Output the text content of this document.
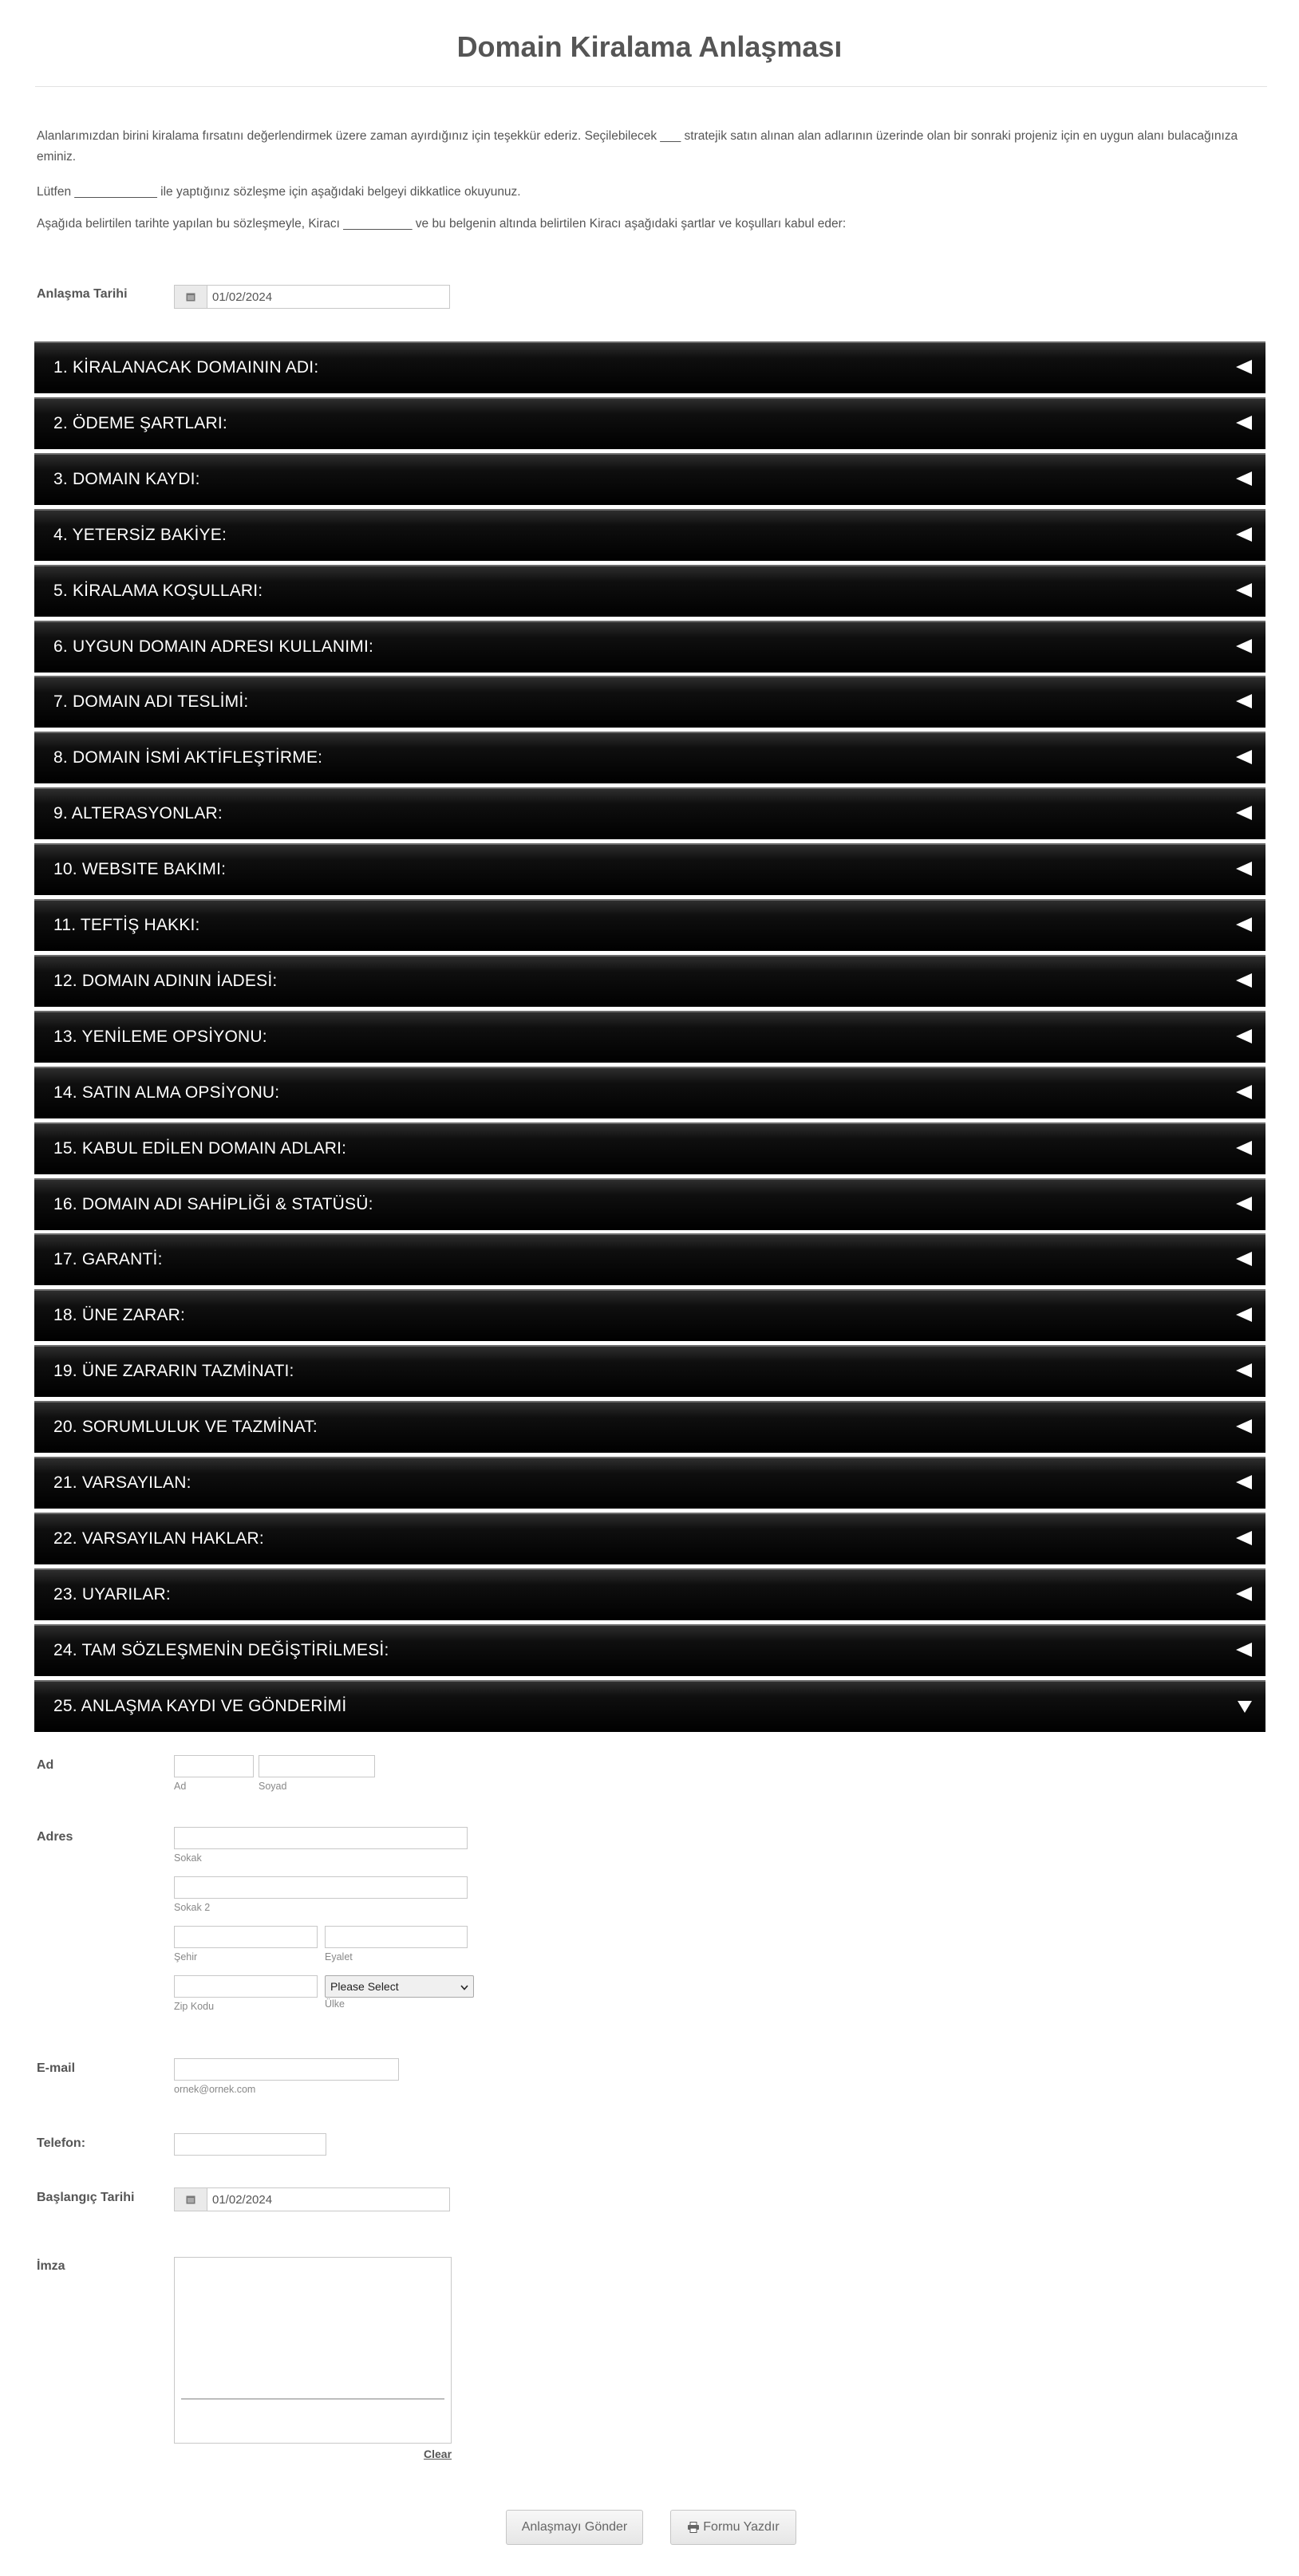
Domain Kiralama Anlaşması

Alanlarımızdan birini kiralama fırsatını değerlendirmek üzere zaman ayırdığınız için teşekkür ederiz. Seçilebilecek ___ stratejik satın alınan alan adlarının üzerinde olan bir sonraki projeniz için en uygun alanı bulacağınıza eminiz.

Lütfen ____________ ile yaptığınız sözleşme için aşağıdaki belgeyi dikkatlice okuyunuz.

Aşağıda belirtilen tarihte yapılan bu sözleşmeyle, Kiracı __________ ve bu belgenin altında belirtilen Kiracı aşağıdaki şartlar ve koşulları kabul eder:

Anlaşma Tarihi
01/02/2024
1. KİRALANACAK DOMAININ ADI:
2. ÖDEME ŞARTLARI:
3. DOMAIN KAYDI:
4. YETERSİZ BAKİYE:
5. KİRALAMA KOŞULLARI:
6. UYGUN DOMAIN ADRESI KULLANIMI:
7. DOMAIN ADI TESLİMİ:
8. DOMAIN İSMİ AKTİFLEŞTİRME:
9. ALTERASYONLAR:
10. WEBSITE BAKIMI:
11. TEFTİŞ HAKKI:
12. DOMAIN ADININ İADESİ:
13. YENİLEME OPSİYONU:
14. SATIN ALMA OPSİYONU:
15. KABUL EDİLEN DOMAIN ADLARI:
16. DOMAIN ADI SAHİPLİĞİ & STATÜSÜ:
17. GARANTİ:
18. ÜNE ZARAR:
19. ÜNE ZARARIN TAZMİNATI:
20. SORUMLULUK VE TAZMİNAT:
21. VARSAYILAN:
22. VARSAYILAN HAKLAR:
23. UYARILAR:
24. TAM SÖZLEŞMENİN DEĞİŞTİRİLMESİ:
25. ANLAŞMA KAYDI VE GÖNDERİMİ
Ad
Ad	Soyad
Adres
Sokak
Sokak 2
Şehir	Eyalet
Please Select
Zip Kodu	Ülke
E-mail
ornek@ornek.com
Telefon:
Başlangıç Tarihi
01/02/2024
İmza
Clear
Anlaşmayı Gönder	Formu Yazdır
